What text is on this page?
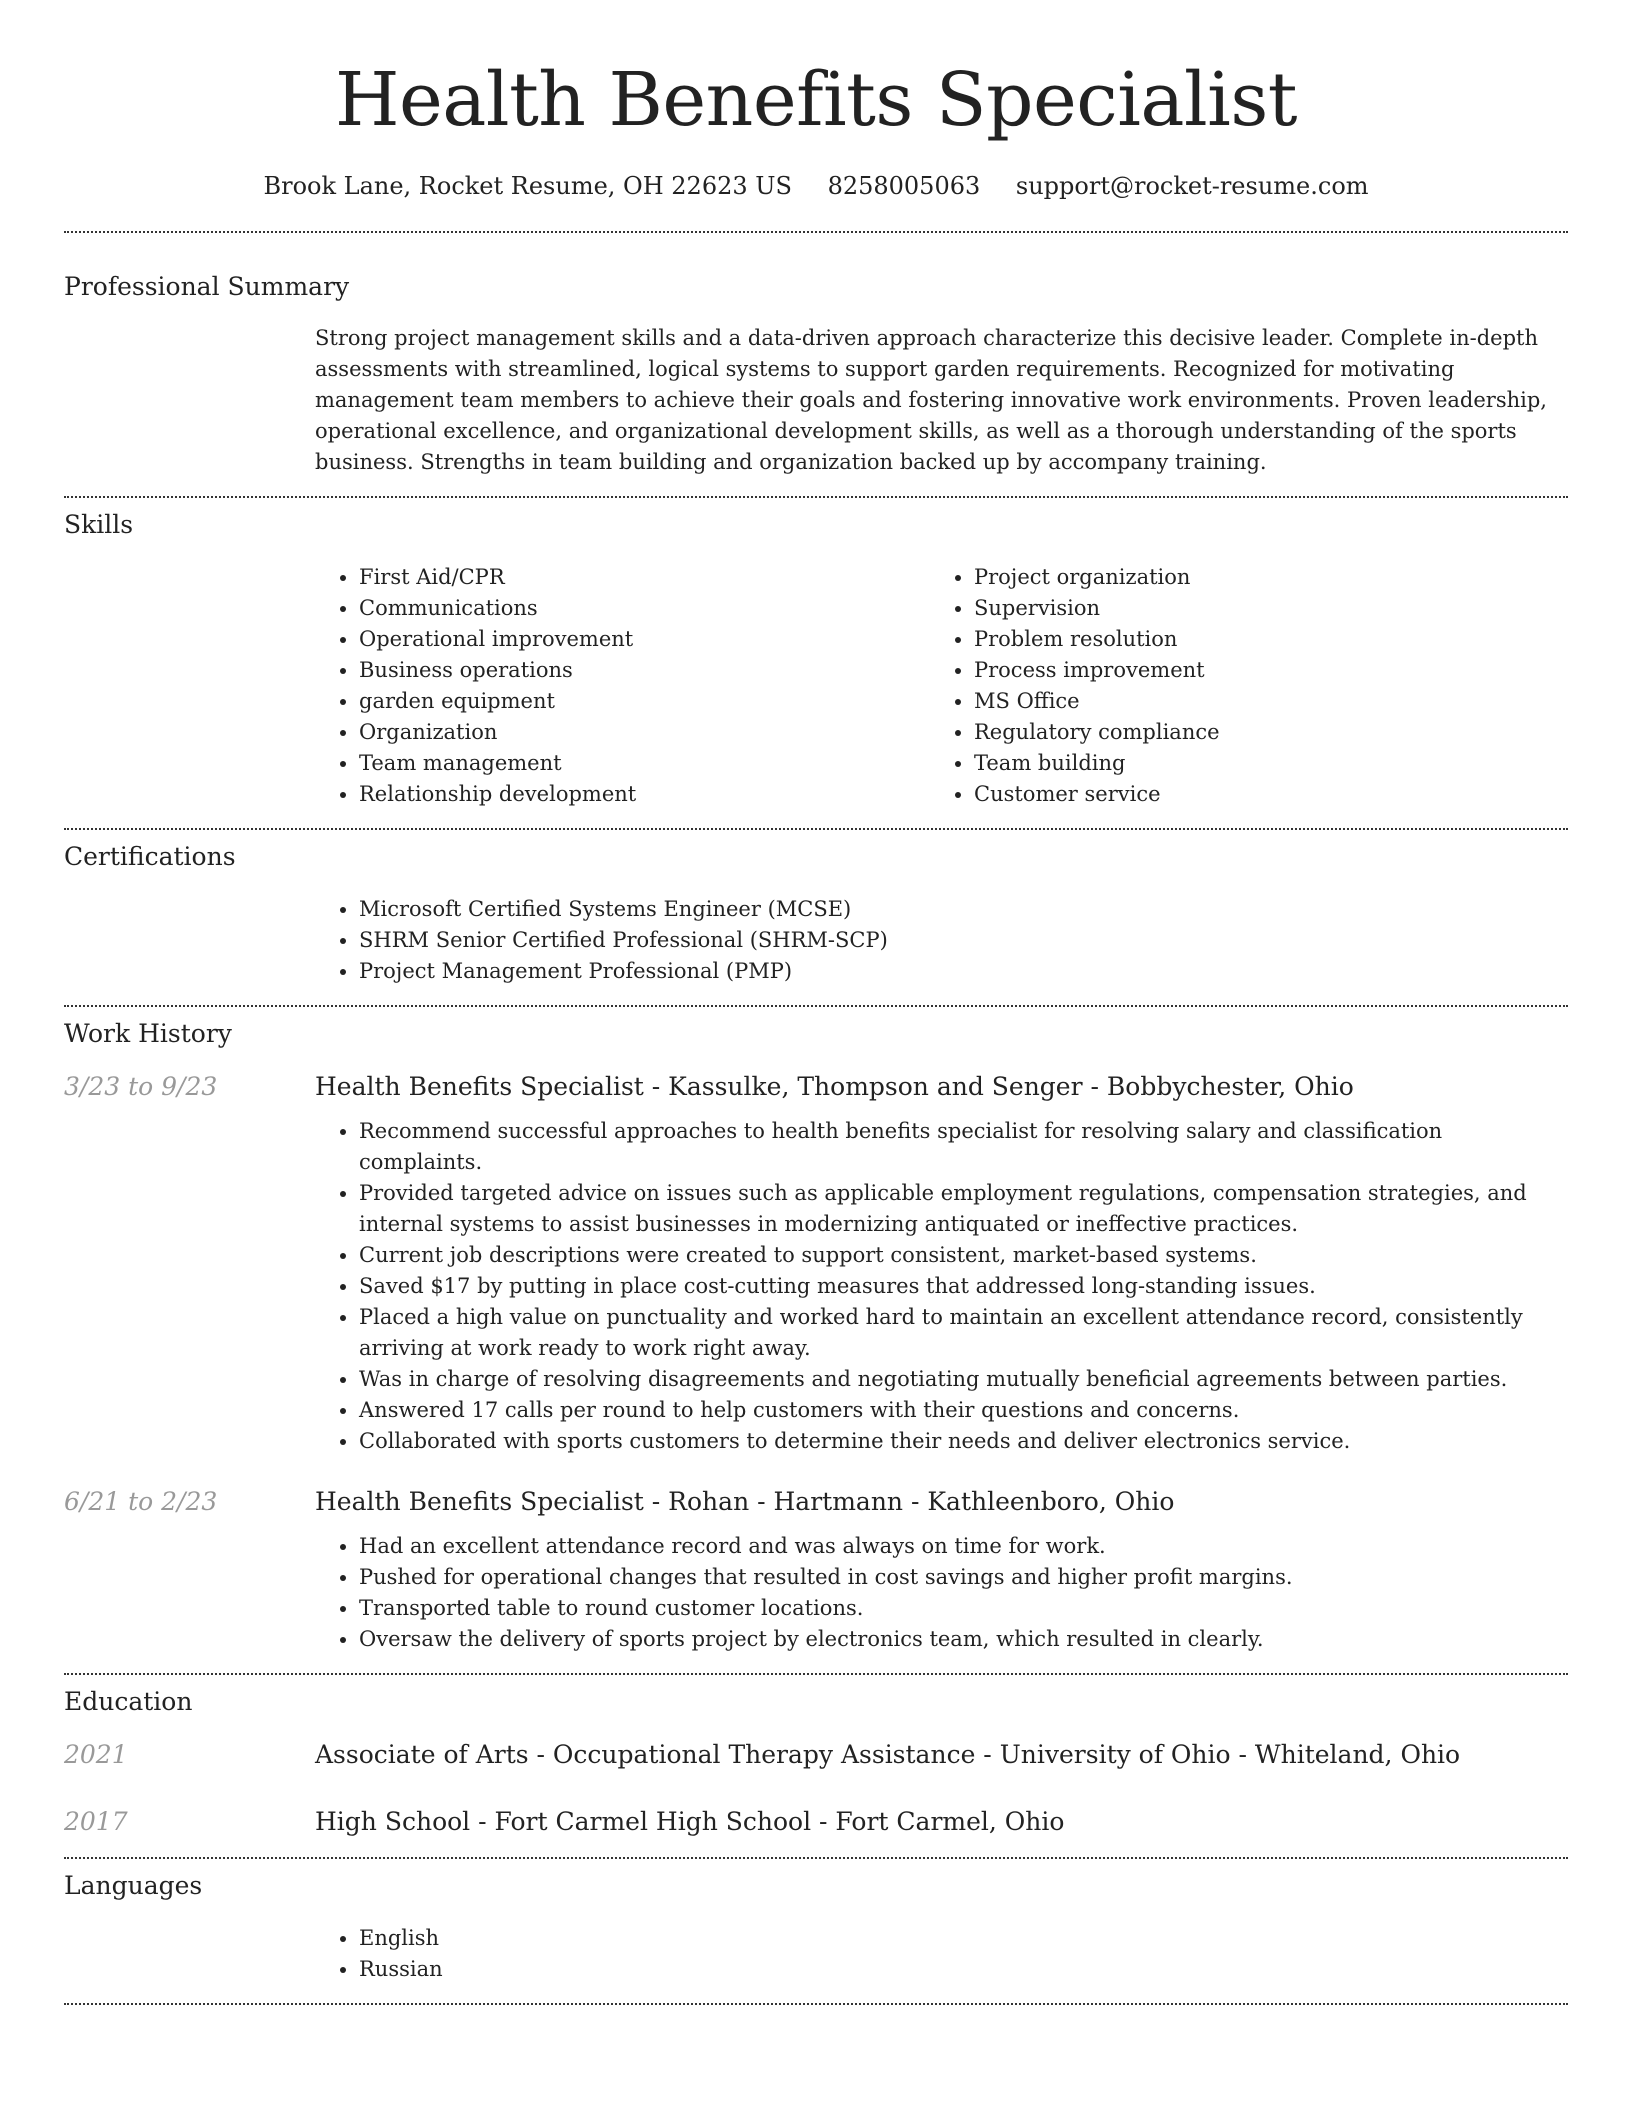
Health Benefits Specialist
Brook Lane, Rocket Resume, OH 22623 US 8258005063 support@rocket-resume.com
Professional Summary

Strong project management skills and a data-driven approach characterize this decisive leader. Complete in-depth assessments with streamlined, logical systems to support garden requirements. Recognized for motivating management team members to achieve their goals and fostering innovative work environments. Proven leadership, operational excellence, and organizational development skills, as well as a thorough understanding of the sports business. Strengths in team building and organization backed up by accompany training.

Skills
• First Aid/CPR
• Communications
• Operational improvement
• Business operations
• garden equipment
• Organization
• Team management
• Relationship development
• Project organization
• Supervision
• Problem resolution
• Process improvement
• MS Office
• Regulatory compliance
• Team building
• Customer service
Certifications
• Microsoft Certified Systems Engineer (MCSE)
• SHRM Senior Certified Professional (SHRM-SCP)
• Project Management Professional (PMP)
Work History
3/23 to 9/23	Health Benefits Specialist - Kassulke, Thompson and Senger - Bobbychester, Ohio
• Recommend successful approaches to health benefits specialist for resolving salary and classification complaints.
• Provided targeted advice on issues such as applicable employment regulations, compensation strategies, and internal systems to assist businesses in modernizing antiquated or ineffective practices.
• Current job descriptions were created to support consistent, market-based systems.
• Saved $17 by putting in place cost-cutting measures that addressed long-standing issues.
• Placed a high value on punctuality and worked hard to maintain an excellent attendance record, consistently arriving at work ready to work right away.
• Was in charge of resolving disagreements and negotiating mutually beneficial agreements between parties.
• Answered 17 calls per round to help customers with their questions and concerns.
• Collaborated with sports customers to determine their needs and deliver electronics service.
6/21 to 2/23	Health Benefits Specialist - Rohan - Hartmann - Kathleenboro, Ohio
• Had an excellent attendance record and was always on time for work.
• Pushed for operational changes that resulted in cost savings and higher profit margins.
• Transported table to round customer locations.
• Oversaw the delivery of sports project by electronics team, which resulted in clearly.
Education
2021	Associate of Arts - Occupational Therapy Assistance - University of Ohio - Whiteland, Ohio
2017	High School - Fort Carmel High School - Fort Carmel, Ohio
Languages
• English
• Russian
